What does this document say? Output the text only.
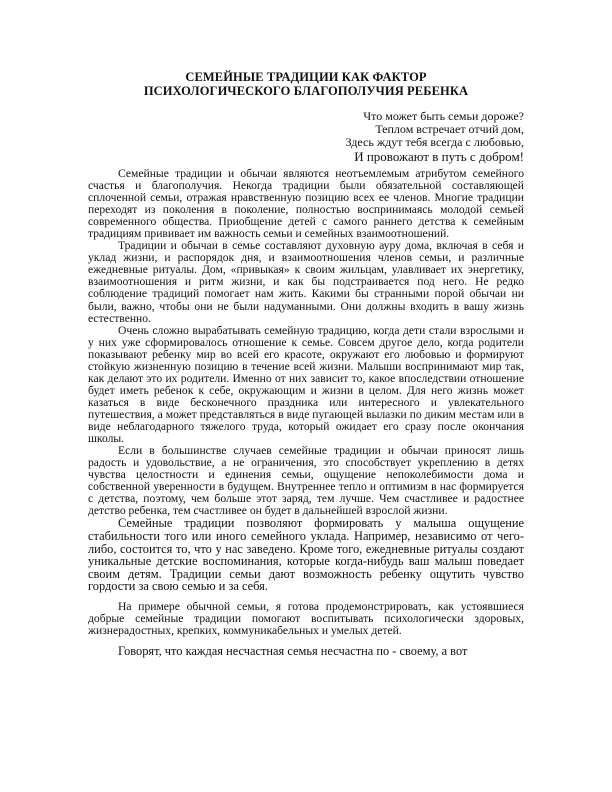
СЕМЕЙНЫЕ ТРАДИЦИИ КАК ФАКТОР
ПСИХОЛОГИЧЕСКОГО БЛАГОПОЛУЧИЯ РЕБЕНКА
Что может быть семьи дороже?
Теплом встречает отчий дом,
Здесь ждут тебя всегда с любовью,
И провожают в путь с добром!

Семейные традиции и обычаи являются неотъемлемым атрибутом семейного счастья и благополучия. Некогда традиции были обязательной составляющей сплоченной семьи, отражая нравственную позицию всех ее членов. Многие традиции переходят из поколения в поколение, полностью воспринимаясь молодой семьей современного общества. Приобщение детей с самого раннего детства к семейным традициям прививает им важность семьи и семейных взаимоотношений.

Традиции и обычаи в семье составляют духовную ауру дома, включая в себя и уклад жизни, и распорядок дня, и взаимоотношения членов семьи, и различные ежедневные ритуалы. Дом, «привыкая» к своим жильцам, улавливает их энергетику, взаимоотношения и ритм жизни, и как бы подстраивается под него. Не редко соблюдение традиций помогает нам жить. Какими бы странными порой обычаи ни были, важно, чтобы они не были надуманными. Они должны входить в вашу жизнь естественно.

Очень сложно вырабатывать семейную традицию, когда дети стали взрослыми и у них уже сформировалось отношение к семье. Совсем другое дело, когда родители показывают ребенку мир во всей его красоте, окружают его любовью и формируют стойкую жизненную позицию в течение всей жизни. Малыши воспринимают мир так, как делают это их родители. Именно от них зависит то, какое впоследствии отношение будет иметь ребенок к себе, окружающим и жизни в целом. Для него жизнь может казаться в виде бесконечного праздника или интересного и увлекательного путешествия, а может представляться в виде пугающей вылазки по диким местам или в виде неблагодарного тяжелого труда, который ожидает его сразу после окончания школы.

Если в большинстве случаев семейные традиции и обычаи приносят лишь радость и удовольствие, а не ограничения, это способствует укреплению в детях чувства целостности и единения семьи, ощущение непоколебимости дома и собственной уверенности в будущем. Внутреннее тепло и оптимизм в нас формируется с детства, поэтому, чем больше этот заряд, тем лучше. Чем счастливее и радостнее детство ребенка, тем счастливее он будет в дальнейшей взрослой жизни.

Семейные традиции позволяют формировать у малыша ощущение стабильности того или иного семейного уклада. Например, независимо от чего-либо, состоится то, что у нас заведено. Кроме того, ежедневные ритуалы создают уникальные детские воспоминания, которые когда-нибудь ваш малыш поведает своим детям. Традиции семьи дают возможность ребенку ощутить чувство гордости за свою семью и за себя.

На примере обычной семьи, я готова продемонстрировать, как устоявшиеся добрые семейные традиции помогают воспитывать психологически здоровых, жизнерадостных, крепких, коммуникабельных и умелых детей.

Говорят, что каждая несчастная семья несчастна по - своему, а вот
